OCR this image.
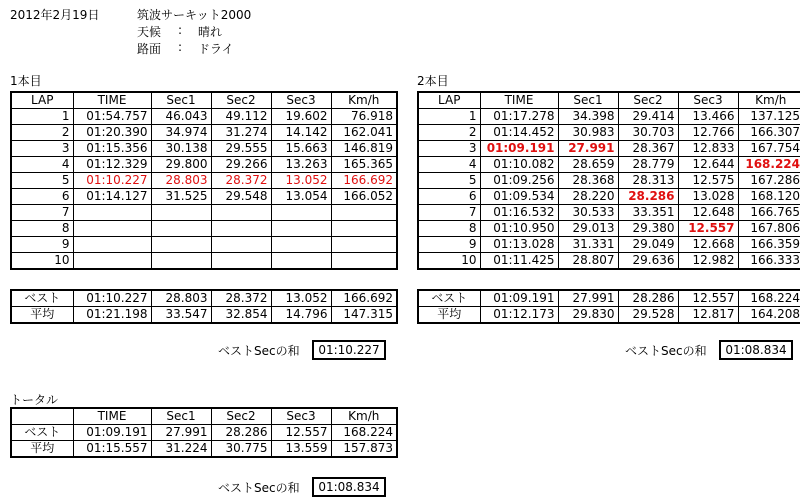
2012年2月19日	筑波サーキット2000
天候 : 晴れ
路面 : ドライ
1本目	2本目
LAP	TIME	Sec1	Sec2	Sec3	Km/h
1	01:54.757	46.043	49.112	19.602	76.918
2	01:20.390	34.974	31.274	14.142	162.041
3	01:15.356	30.138	29.555	15.663	146.819
4	01:12.329	29.800	29.266	13.263	165.365
5	01:10.227	28.803	28.372	13.052	166.692
6	01:14.127	31.525	29.548	13.054	166.052
7					
8					
9					
10					
LAP	TIME	Sec1	Sec2	Sec3	Km/h
1	01:17.278	34.398	29.414	13.466	137.125
2	01:14.452	30.983	30.703	12.766	166.307
3	01:09.191	27.991	28.367	12.833	167.754
4	01:10.082	28.659	28.779	12.644	168.224
5	01:09.256	28.368	28.313	12.575	167.286
6	01:09.534	28.220	28.286	13.028	168.120
7	01:16.532	30.533	33.351	12.648	166.765
8	01:10.950	29.013	29.380	12.557	167.806
9	01:13.028	31.331	29.049	12.668	166.359
10	01:11.425	28.807	29.636	12.982	166.333
ベスト	01:10.227	28.803	28.372	13.052	166.692
平均	01:21.198	33.547	32.854	14.796	147.315
ベスト	01:09.191	27.991	28.286	12.557	168.224
平均	01:12.173	29.830	29.528	12.817	164.208
ベストSecの和	01:10.227	ベストSecの和	01:08.834
トータル
	TIME	Sec1	Sec2	Sec3	Km/h
ベスト	01:09.191	27.991	28.286	12.557	168.224
平均	01:15.557	31.224	30.775	13.559	157.873
ベストSecの和	01:08.834
